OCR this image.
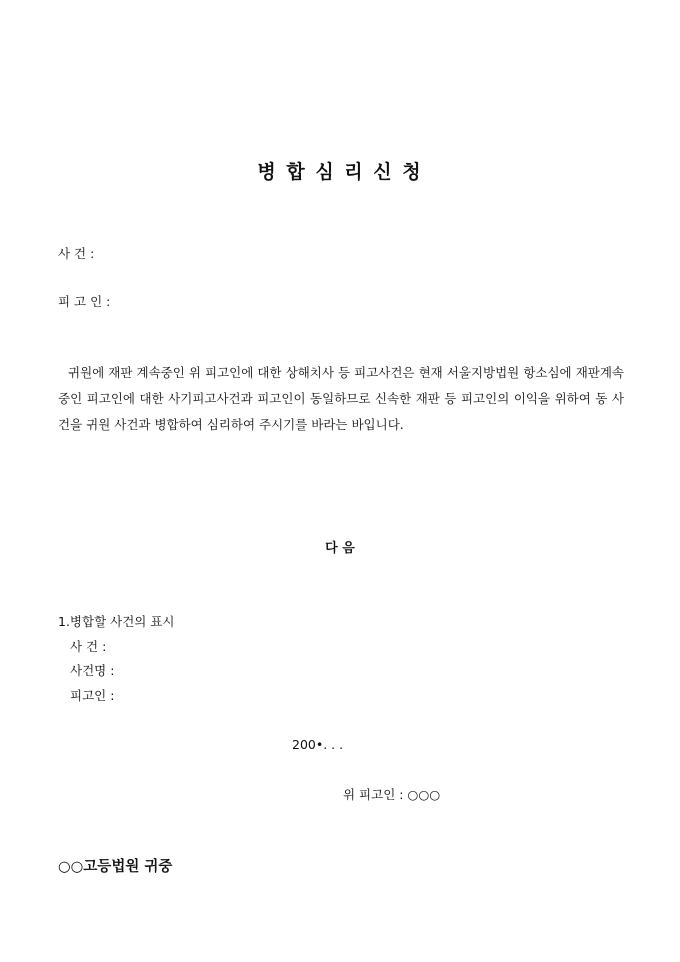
병 합 심 리 신 청
사 건 :
피 고 인 :
귀원에 재판 계속중인 위 피고인에 대한 상해치사 등 피고사건은 현재 서울지방법원 항소심에 재판계속중인 피고인에 대한 사기피고사건과 피고인이 동일하므로 신속한 재판 등 피고인의 이익을 위하여 동 사건을 귀원 사건과 병합하여 심리하여 주시기를 바라는 바입니다.
다 음
1.병합할 사건의 표시
사 건 :
사건명 :
피고인 :
200•. . .
위 피고인 : ○○○
○○고등법원 귀중
